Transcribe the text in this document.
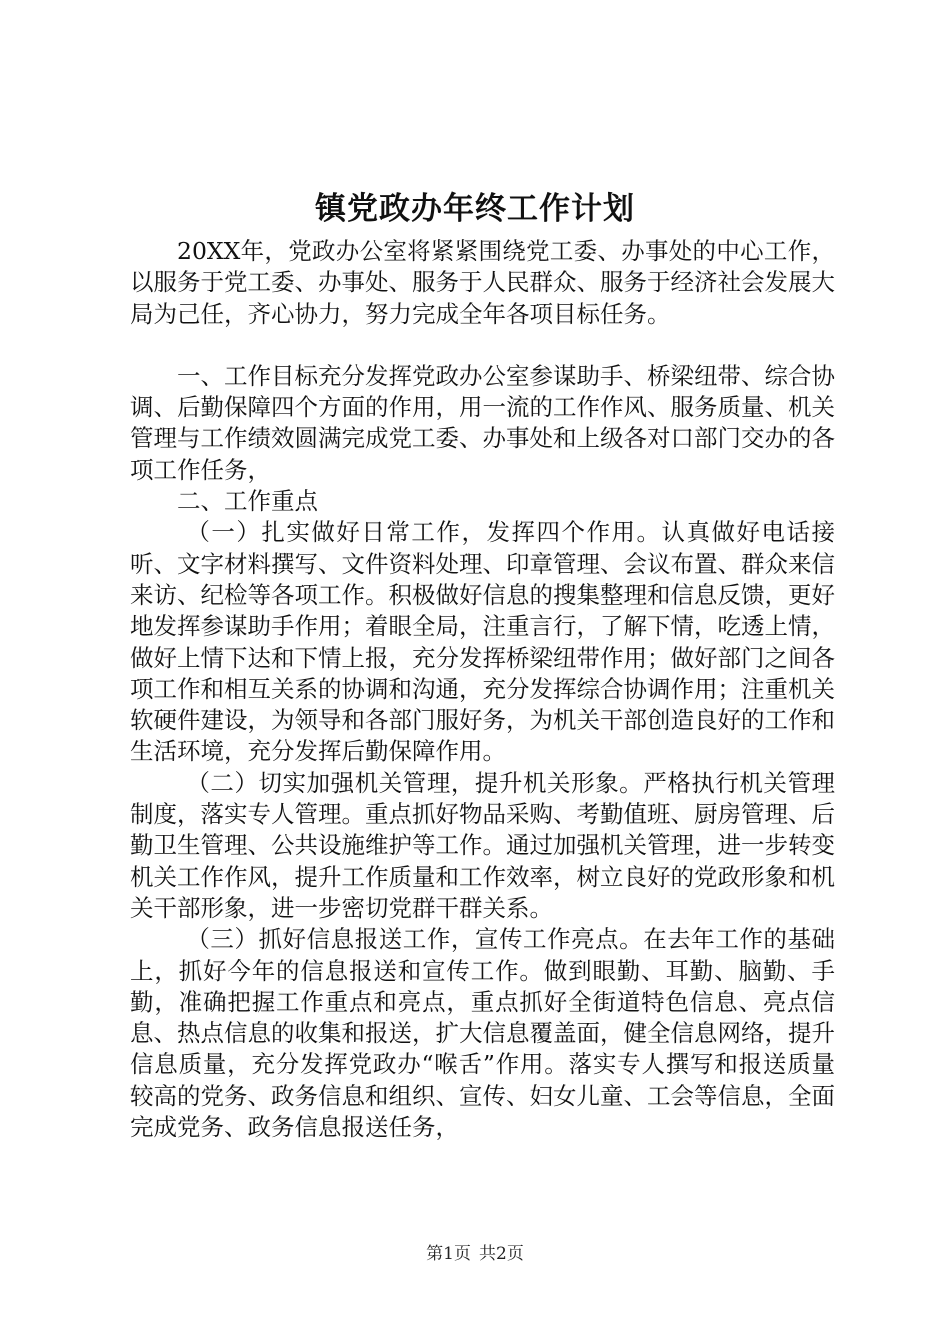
镇党政办年终工作计划

20XX年，党政办公室将紧紧围绕党工委、办事处的中心工作，以服务于党工委、办事处、服务于人民群众、服务于经济社会发展大局为己任，齐心协力，努力完成全年各项目标任务。

一、工作目标充分发挥党政办公室参谋助手、桥梁纽带、综合协调、后勤保障四个方面的作用，用一流的工作作风、服务质量、机关管理与工作绩效圆满完成党工委、办事处和上级各对口部门交办的各项工作任务，

二、工作重点

（一）扎实做好日常工作，发挥四个作用。认真做好电话接听、文字材料撰写、文件资料处理、印章管理、会议布置、群众来信来访、纪检等各项工作。积极做好信息的搜集整理和信息反馈，更好地发挥参谋助手作用；着眼全局，注重言行，了解下情，吃透上情，做好上情下达和下情上报，充分发挥桥梁纽带作用；做好部门之间各项工作和相互关系的协调和沟通，充分发挥综合协调作用；注重机关软硬件建设，为领导和各部门服好务，为机关干部创造良好的工作和生活环境，充分发挥后勤保障作用。

（二）切实加强机关管理，提升机关形象。严格执行机关管理制度，落实专人管理。重点抓好物品采购、考勤值班、厨房管理、后勤卫生管理、公共设施维护等工作。通过加强机关管理，进一步转变机关工作作风，提升工作质量和工作效率，树立良好的党政形象和机关干部形象，进一步密切党群干群关系。

（三）抓好信息报送工作，宣传工作亮点。在去年工作的基础上，抓好今年的信息报送和宣传工作。做到眼勤、耳勤、脑勤、手勤，准确把握工作重点和亮点，重点抓好全街道特色信息、亮点信息、热点信息的收集和报送，扩大信息覆盖面，健全信息网络，提升信息质量，充分发挥党政办“喉舌”作用。落实专人撰写和报送质量较高的党务、政务信息和组织、宣传、妇女儿童、工会等信息，全面完成党务、政务信息报送任务，

第1页 共2页
